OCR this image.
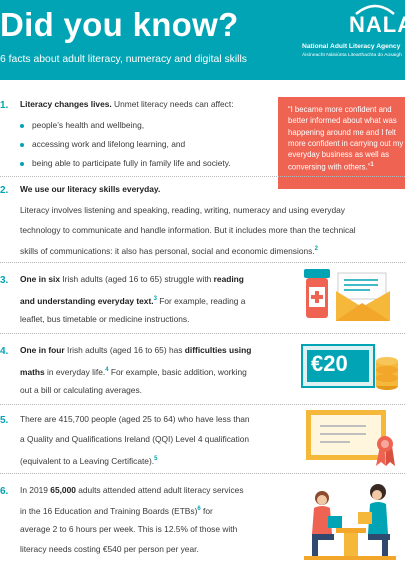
Did you know?
6 facts about adult literacy, numeracy and digital skills
NALA
National Adult Literacy Agency
Áisíneacht Náisiúnta Litearthachta do Aosaigh
“I became more confident and better informed about what was happening around me and I felt more confident in carrying out my everyday business as well as conversing with others.”$^1$
1. Literacy changes lives. Unmet literacy needs can affect:
people’s health and wellbeing,
accessing work and lifelong learning, and
being able to participate fully in family life and society.
2. We use our literacy skills everyday.
Literacy involves listening and speaking, reading, writing, numeracy and using everyday
technology to communicate and handle information. But it includes more than the technical
skills of communications: it also has personal, social and economic dimensions.$^2$
3. One in six Irish adults (aged 16 to 65) struggle with reading
and understanding everyday text.$^3$ For example, reading a
leaflet, bus timetable or medicine instructions.
4. One in four Irish adults (aged 16 to 65) has difficulties using
maths in everyday life.$^4$ For example, basic addition, working
out a bill or calculating averages.
€20
5. There are 415,700 people (aged 25 to 64) who have less than
a Quality and Qualifications Ireland (QQI) Level 4 qualification
(equivalent to a Leaving Certificate).$^5$
6. In 2019 65,000 adults attended attend adult literacy services
in the 16 Education and Training Boards (ETBs)$^6$ for
average 2 to 6 hours per week. This is 12.5% of those with
literacy needs costing €540 per person per year.
